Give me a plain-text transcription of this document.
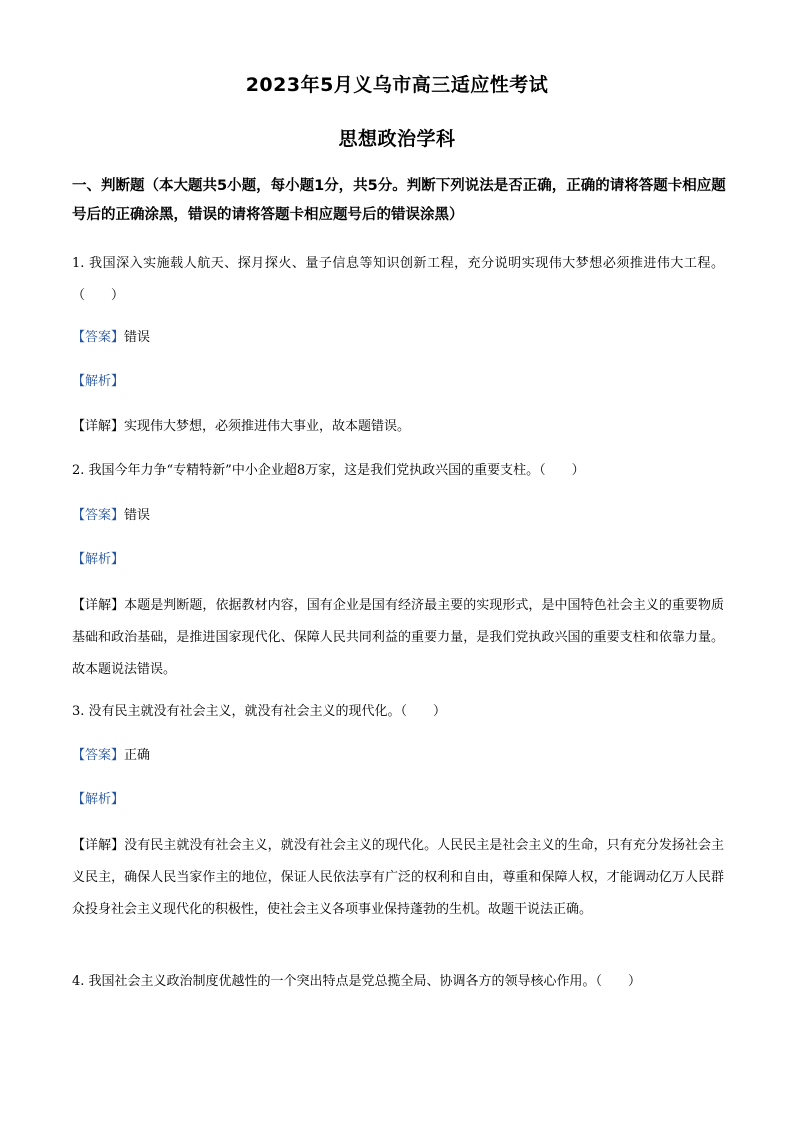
2023年5月义乌市高三适应性考试
思想政治学科
一、判断题（本大题共5小题，每小题1分，共5分。判断下列说法是否正确，正确的请将答题卡相应题号后的正确涂黑，错误的请将答题卡相应题号后的错误涂黑）
1. 我国深入实施载人航天、探月探火、量子信息等知识创新工程，充分说明实现伟大梦想必须推进伟大工程。（　　）
【答案】错误
【解析】
【详解】实现伟大梦想，必须推进伟大事业，故本题错误。
2. 我国今年力争“专精特新”中小企业超8万家，这是我们党执政兴国的重要支柱。（　　）
【答案】错误
【解析】
【详解】本题是判断题，依据教材内容，国有企业是国有经济最主要的实现形式，是中国特色社会主义的重要物质基础和政治基础，是推进国家现代化、保障人民共同利益的重要力量，是我们党执政兴国的重要支柱和依靠力量。故本题说法错误。
3. 没有民主就没有社会主义，就没有社会主义的现代化。（　　）
【答案】正确
【解析】
【详解】没有民主就没有社会主义，就没有社会主义的现代化。人民民主是社会主义的生命，只有充分发扬社会主义民主，确保人民当家作主的地位，保证人民依法享有广泛的权利和自由，尊重和保障人权，才能调动亿万人民群众投身社会主义现代化的积极性，使社会主义各项事业保持蓬勃的生机。故题干说法正确。
4. 我国社会主义政治制度优越性的一个突出特点是党总揽全局、协调各方的领导核心作用。（　　）
